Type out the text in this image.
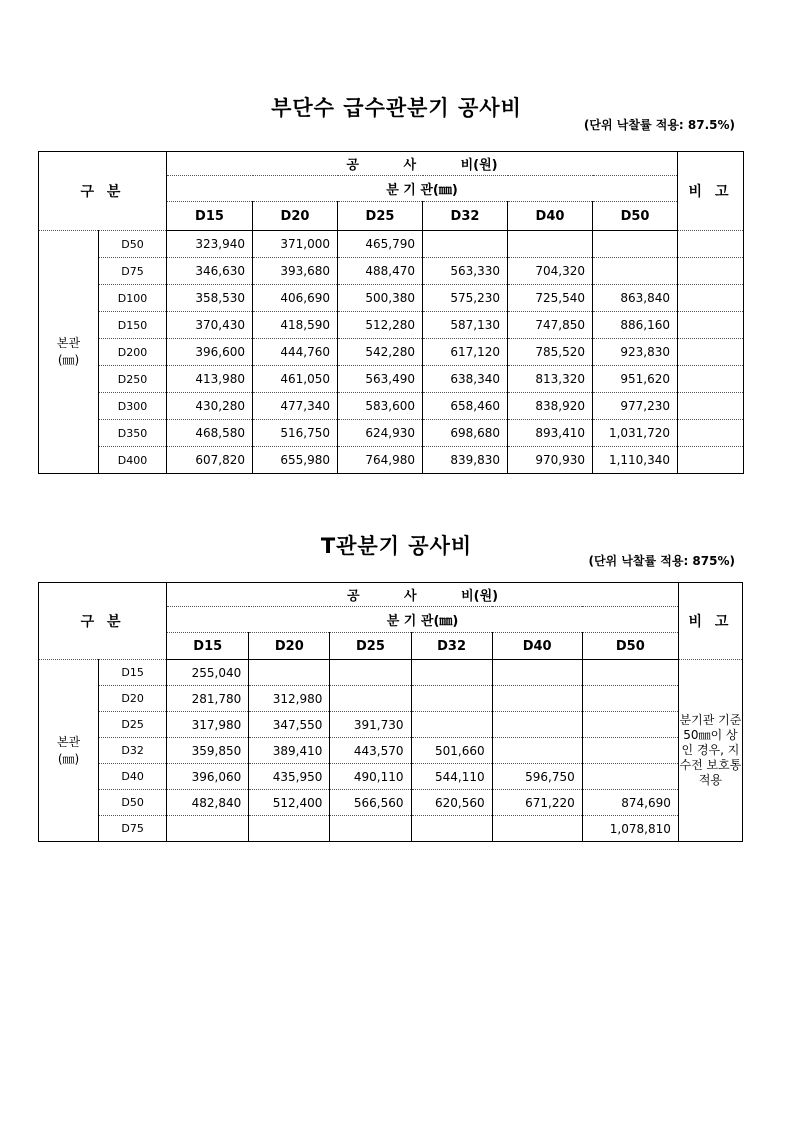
부단수 급수관분기 공사비
(단위 낙찰률 적용: 87.5%)
구 분		공 사 비(원)						비 고
		분 기 관(㎜)						
		D15	D20	D25	D32	D40	D50	
본관
(㎜)	D50	323,940	371,000	465,790				
	D75	346,630	393,680	488,470	563,330	704,320		
	D100	358,530	406,690	500,380	575,230	725,540	863,840	
	D150	370,430	418,590	512,280	587,130	747,850	886,160	
	D200	396,600	444,760	542,280	617,120	785,520	923,830	
	D250	413,980	461,050	563,490	638,340	813,320	951,620	
	D300	430,280	477,340	583,600	658,460	838,920	977,230	
	D350	468,580	516,750	624,930	698,680	893,410	1,031,720	
	D400	607,820	655,980	764,980	839,830	970,930	1,110,340	
T관분기 공사비
(단위 낙찰률 적용: 875%)
구 분		공 사 비(원)						비 고
		분 기 관(㎜)						
		D15	D20	D25	D32	D40	D50	
본관
(㎜)	D15	255,040						분기관 기준 50㎜이 상인 경우, 지수전 보호통 적용
	D20	281,780	312,980					
	D25	317,980	347,550	391,730				
	D32	359,850	389,410	443,570	501,660			
	D40	396,060	435,950	490,110	544,110	596,750		
	D50	482,840	512,400	566,560	620,560	671,220	874,690	
	D75						1,078,810	
